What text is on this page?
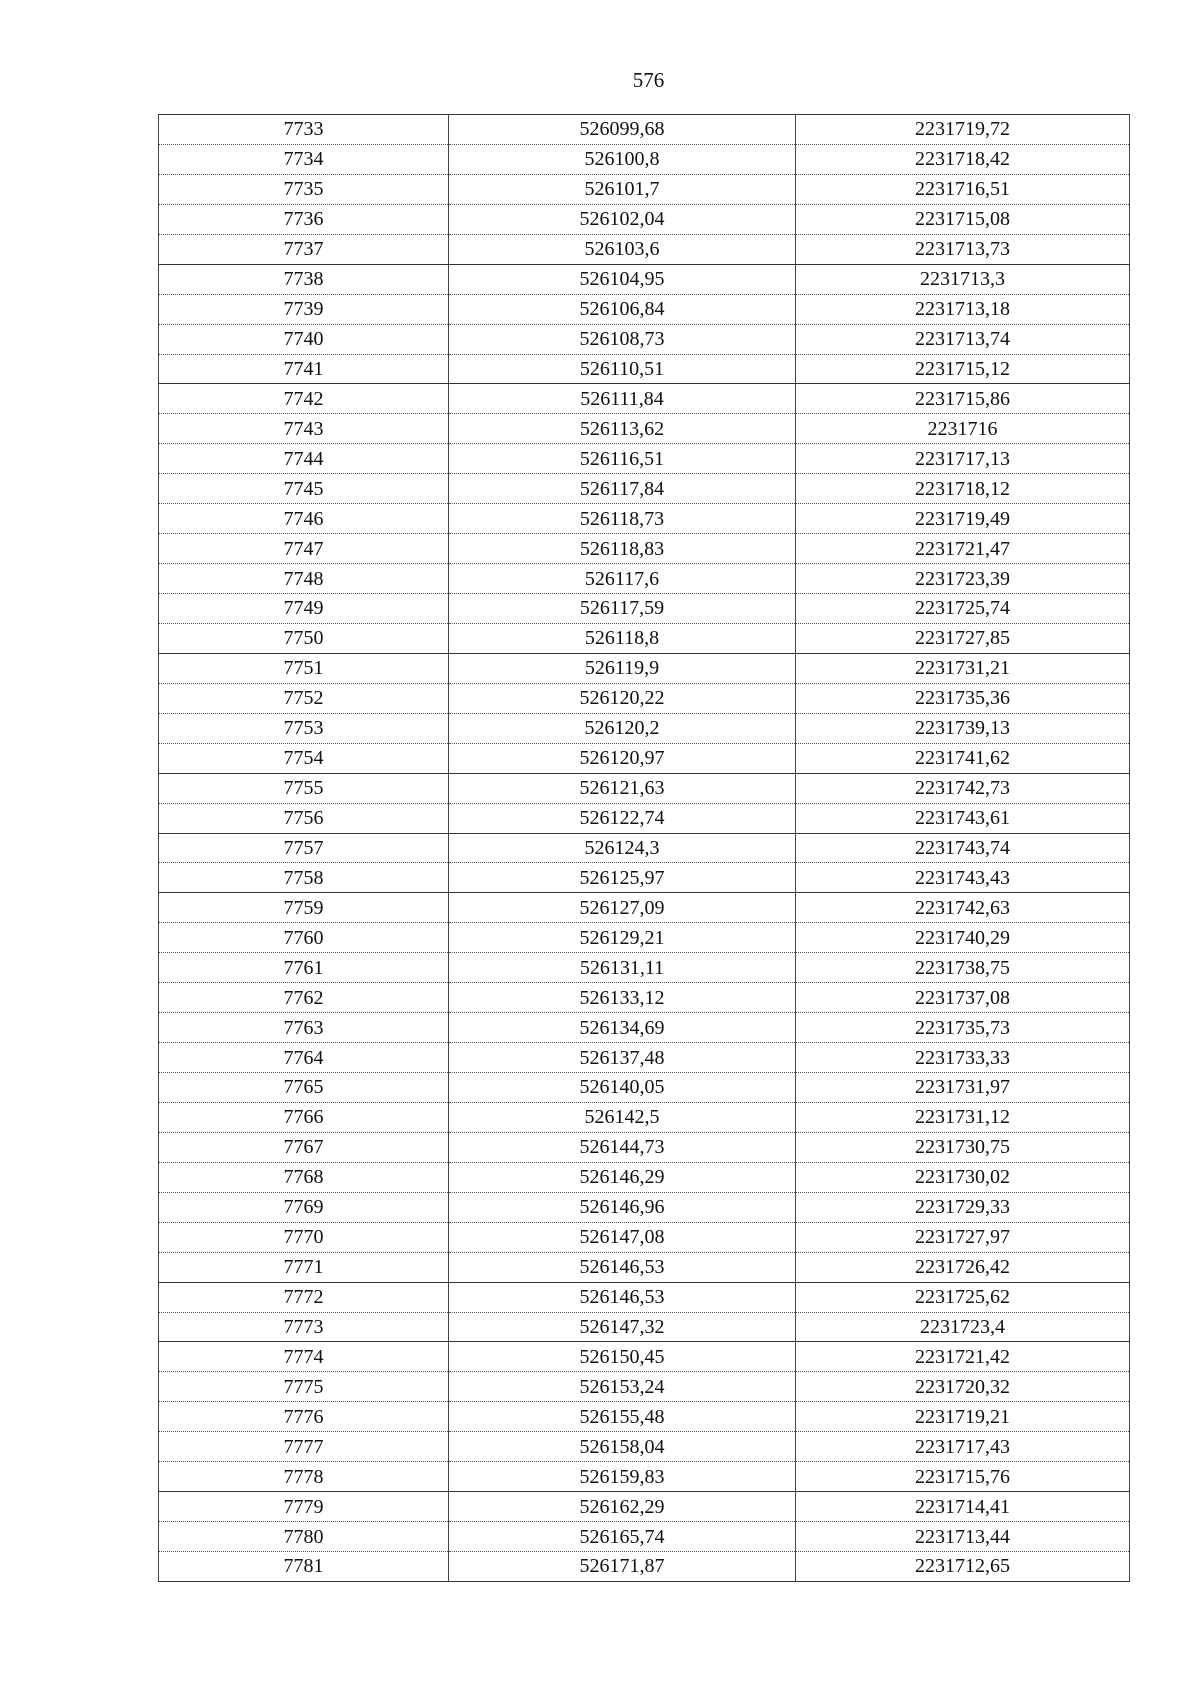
576
7733	526099,68	2231719,72
7734	526100,8	2231718,42
7735	526101,7	2231716,51
7736	526102,04	2231715,08
7737	526103,6	2231713,73
7738	526104,95	2231713,3
7739	526106,84	2231713,18
7740	526108,73	2231713,74
7741	526110,51	2231715,12
7742	526111,84	2231715,86
7743	526113,62	2231716
7744	526116,51	2231717,13
7745	526117,84	2231718,12
7746	526118,73	2231719,49
7747	526118,83	2231721,47
7748	526117,6	2231723,39
7749	526117,59	2231725,74
7750	526118,8	2231727,85
7751	526119,9	2231731,21
7752	526120,22	2231735,36
7753	526120,2	2231739,13
7754	526120,97	2231741,62
7755	526121,63	2231742,73
7756	526122,74	2231743,61
7757	526124,3	2231743,74
7758	526125,97	2231743,43
7759	526127,09	2231742,63
7760	526129,21	2231740,29
7761	526131,11	2231738,75
7762	526133,12	2231737,08
7763	526134,69	2231735,73
7764	526137,48	2231733,33
7765	526140,05	2231731,97
7766	526142,5	2231731,12
7767	526144,73	2231730,75
7768	526146,29	2231730,02
7769	526146,96	2231729,33
7770	526147,08	2231727,97
7771	526146,53	2231726,42
7772	526146,53	2231725,62
7773	526147,32	2231723,4
7774	526150,45	2231721,42
7775	526153,24	2231720,32
7776	526155,48	2231719,21
7777	526158,04	2231717,43
7778	526159,83	2231715,76
7779	526162,29	2231714,41
7780	526165,74	2231713,44
7781	526171,87	2231712,65
